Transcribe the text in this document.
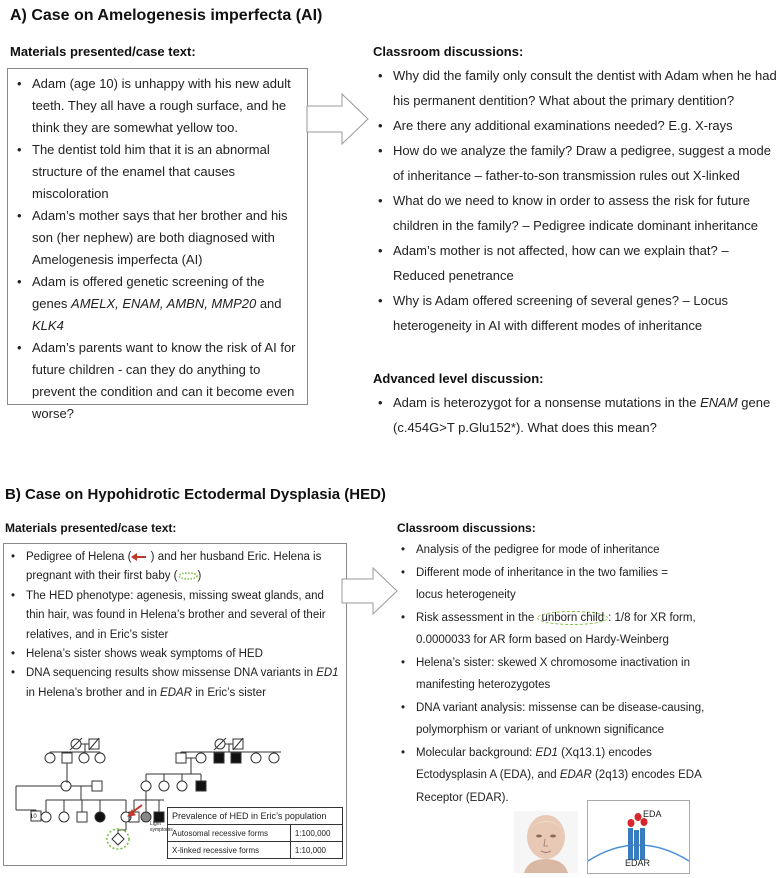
A) Case on Amelogenesis imperfecta (AI)
Materials presented/case text:
• Adam (age 10) is unhappy with his new adult teeth. They all have a rough surface, and he think they are somewhat yellow too.
• The dentist told him that it is an abnormal structure of the enamel that causes miscoloration
• Adam’s mother says that her brother and his son (her nephew) are both diagnosed with Amelogenesis imperfecta (AI)
• Adam is offered genetic screening of the genes AMELX, ENAM, AMBN, MMP20 and KLK4
• Adam’s parents want to know the risk of AI for future children - can they do anything to prevent the condition and can it become even worse?
Classroom discussions:
• Why did the family only consult the dentist with Adam when he had his permanent dentition? What about the primary dentition?
• Are there any additional examinations needed? E.g. X-rays
• How do we analyze the family? Draw a pedigree, suggest a mode of inheritance – father-to-son transmission rules out X-linked
• What do we need to know in order to assess the risk for future children in the family? – Pedigree indicate dominant inheritance
• Adam’s mother is not affected, how can we explain that? – Reduced penetrance
• Why is Adam offered screening of several genes? – Locus heterogeneity in AI with different modes of inheritance
Advanced level discussion:
• Adam is heterozygot for a nonsense mutations in the ENAM gene (c.454G>T p.Glu152*). What does this mean?
B) Case on Hypohidrotic Ectodermal Dysplasia (HED)
Materials presented/case text:
• Pedigree of Helena ( ) and her husband Eric. Helena is pregnant with their first baby ( )
• The HED phenotype: agenesis, missing sweat glands, and thin hair, was found in Helena’s brother and several of their relatives, and in Eric’s sister
• Helena’s sister shows weak symptoms of HED
• DNA sequencing results show missense DNA variants in ED1 in Helena’s brother and in EDAR in Eric’s sister
10
Light symptoms
Prevalence of HED in Eric’s population	
Autosomal recessive forms	1:100,000
X-linked recessive forms	1:10,000
Classroom discussions:
• Analysis of the pedigree for mode of inheritance
• Different mode of inheritance in the two families = locus heterogeneity
• Risk assessment in the unborn child : 1/8 for XR form, 0.0000033 for AR form based on Hardy-Weinberg
• Helena’s sister: skewed X chromosome inactivation in manifesting heterozygotes
• DNA variant analysis: missense can be disease-causing, polymorphism or variant of unknown significance
• Molecular background: ED1 (Xq13.1) encodes Ectodysplasin A (EDA), and EDAR (2q13) encodes EDA Receptor (EDAR).
EDA
EDAR
